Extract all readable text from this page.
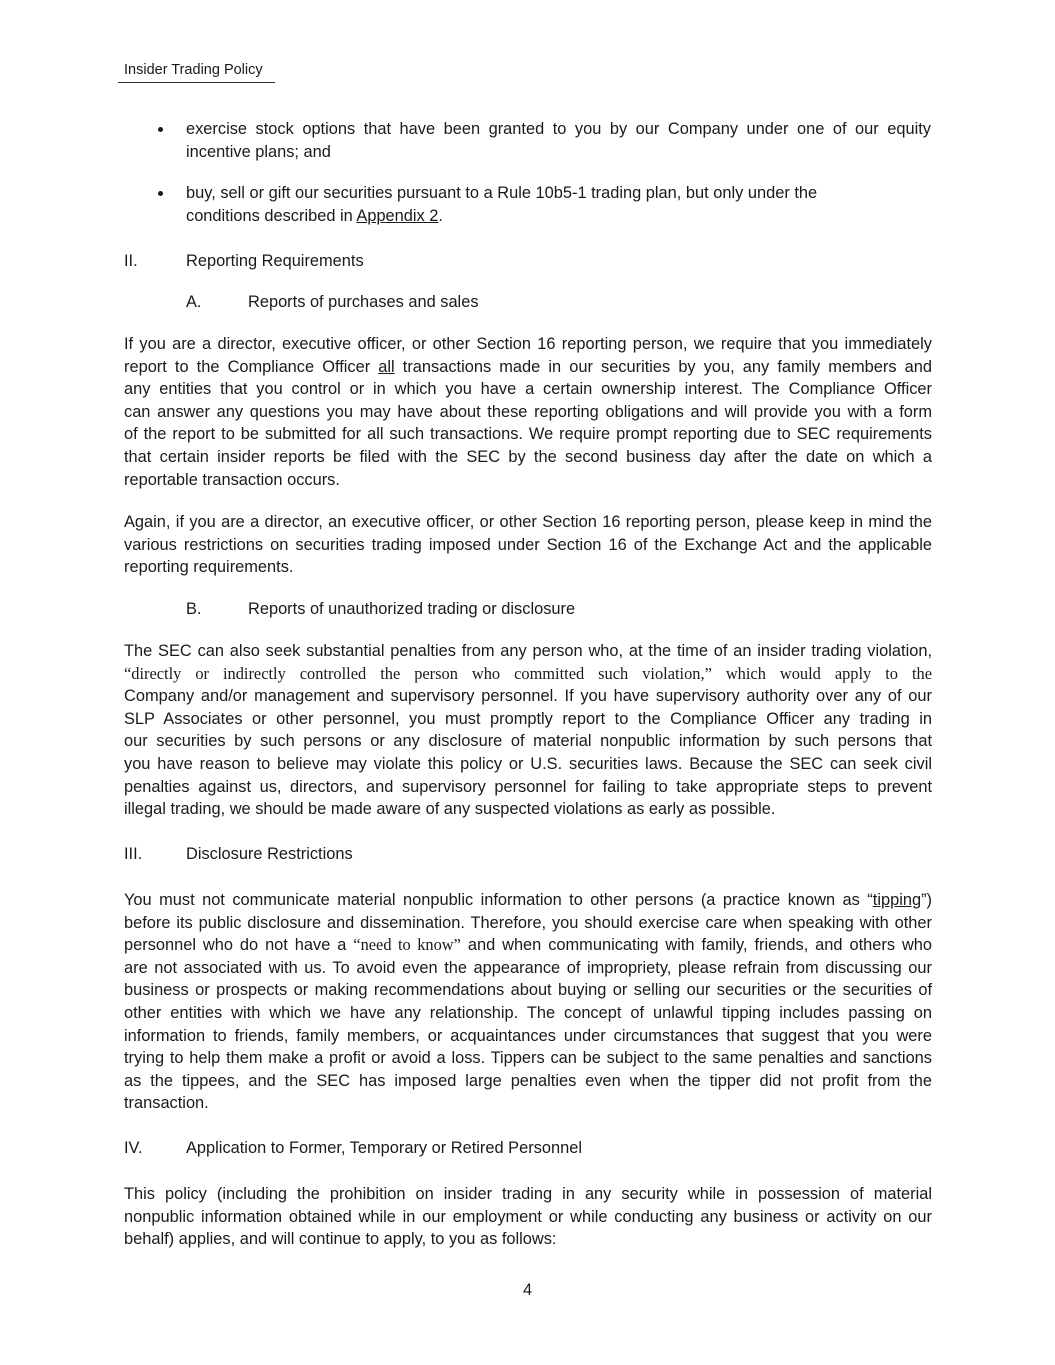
Insider Trading Policy
exercise stock options that have been granted to you by our Company under one of our equity
incentive plans; and
buy, sell or gift our securities pursuant to a Rule 10b5-1 trading plan, but only under the
conditions described in Appendix 2.
II.	Reporting Requirements
A.	Reports of purchases and sales
If you are a director, executive officer, or other Section 16 reporting person, we require that you immediately
report to the Compliance Officer all transactions made in our securities by you, any family members and
any entities that you control or in which you have a certain ownership interest. The Compliance Officer
can answer any questions you may have about these reporting obligations and will provide you with a form
of the report to be submitted for all such transactions. We require prompt reporting due to SEC requirements
that certain insider reports be filed with the SEC by the second business day after the date on which a
reportable transaction occurs.
Again, if you are a director, an executive officer, or other Section 16 reporting person, please keep in mind the
various restrictions on securities trading imposed under Section 16 of the Exchange Act and the applicable
reporting requirements.
B.	Reports of unauthorized trading or disclosure
The SEC can also seek substantial penalties from any person who, at the time of an insider trading violation,
“directly or indirectly controlled the person who committed such violation,” which would apply to the
Company and/or management and supervisory personnel. If you have supervisory authority over any of our
SLP Associates or other personnel, you must promptly report to the Compliance Officer any trading in
our securities by such persons or any disclosure of material nonpublic information by such persons that
you have reason to believe may violate this policy or U.S. securities laws. Because the SEC can seek civil
penalties against us, directors, and supervisory personnel for failing to take appropriate steps to prevent
illegal trading, we should be made aware of any suspected violations as early as possible.
III.	Disclosure Restrictions
You must not communicate material nonpublic information to other persons (a practice known as “tipping”)
before its public disclosure and dissemination. Therefore, you should exercise care when speaking with other
personnel who do not have a “need to know” and when communicating with family, friends, and others who
are not associated with us. To avoid even the appearance of impropriety, please refrain from discussing our
business or prospects or making recommendations about buying or selling our securities or the securities of
other entities with which we have any relationship. The concept of unlawful tipping includes passing on
information to friends, family members, or acquaintances under circumstances that suggest that you were
trying to help them make a profit or avoid a loss. Tippers can be subject to the same penalties and sanctions
as the tippees, and the SEC has imposed large penalties even when the tipper did not profit from the
transaction.
IV.	Application to Former, Temporary or Retired Personnel
This policy (including the prohibition on insider trading in any security while in possession of material
nonpublic information obtained while in our employment or while conducting any business or activity on our
behalf) applies, and will continue to apply, to you as follows:
4
